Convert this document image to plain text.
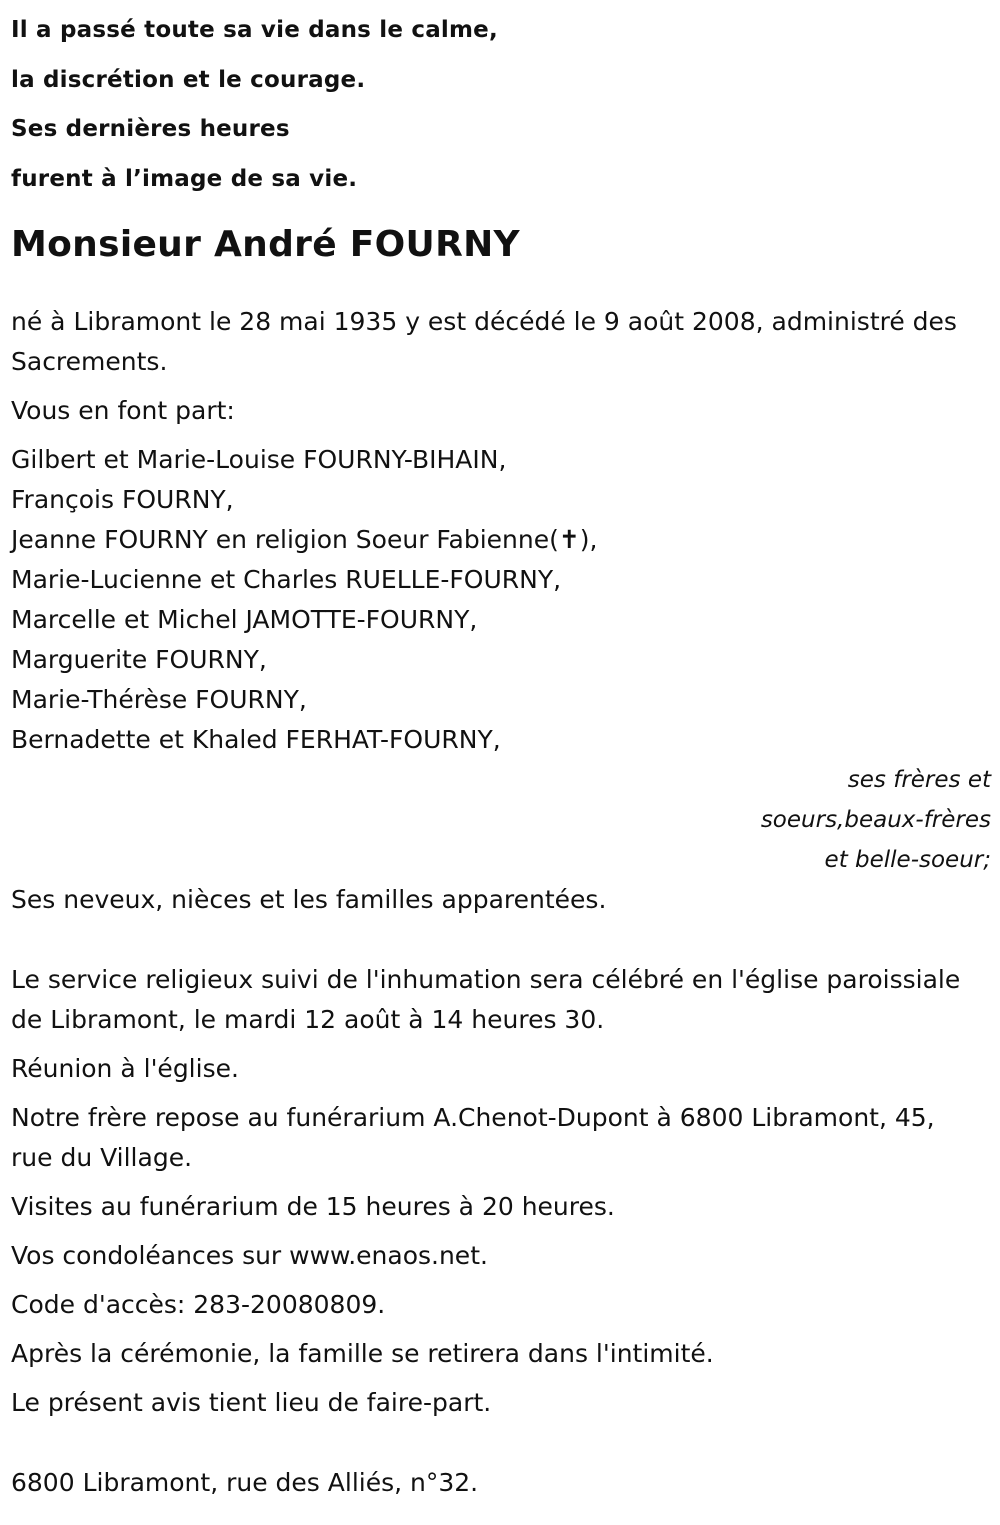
Il a passé toute sa vie dans le calme,
la discrétion et le courage.
Ses dernières heures
furent à l’image de sa vie.
Monsieur André FOURNY
né à Libramont le 28 mai 1935 y est décédé le 9 août 2008, administré des Sacrements.
Vous en font part:
Gilbert et Marie-Louise FOURNY-BIHAIN,
François FOURNY,
Jeanne FOURNY en religion Soeur Fabienne(✝),
Marie-Lucienne et Charles RUELLE-FOURNY,
Marcelle et Michel JAMOTTE-FOURNY,
Marguerite FOURNY,
Marie-Thérèse FOURNY,
Bernadette et Khaled FERHAT-FOURNY,
ses frères et
soeurs,beaux-frères
et belle-soeur;
Ses neveux, nièces et les familles apparentées.
Le service religieux suivi de l'inhumation sera célébré en l'église paroissiale de Libramont, le mardi 12 août à 14 heures 30.
Réunion à l'église.
Notre frère repose au funérarium A.Chenot-Dupont à 6800 Libramont, 45, rue du Village.
Visites au funérarium de 15 heures à 20 heures.
Vos condoléances sur www.enaos.net.
Code d'accès: 283-20080809.
Après la cérémonie, la famille se retirera dans l'intimité.
Le présent avis tient lieu de faire-part.
6800 Libramont, rue des Alliés, n°32.
